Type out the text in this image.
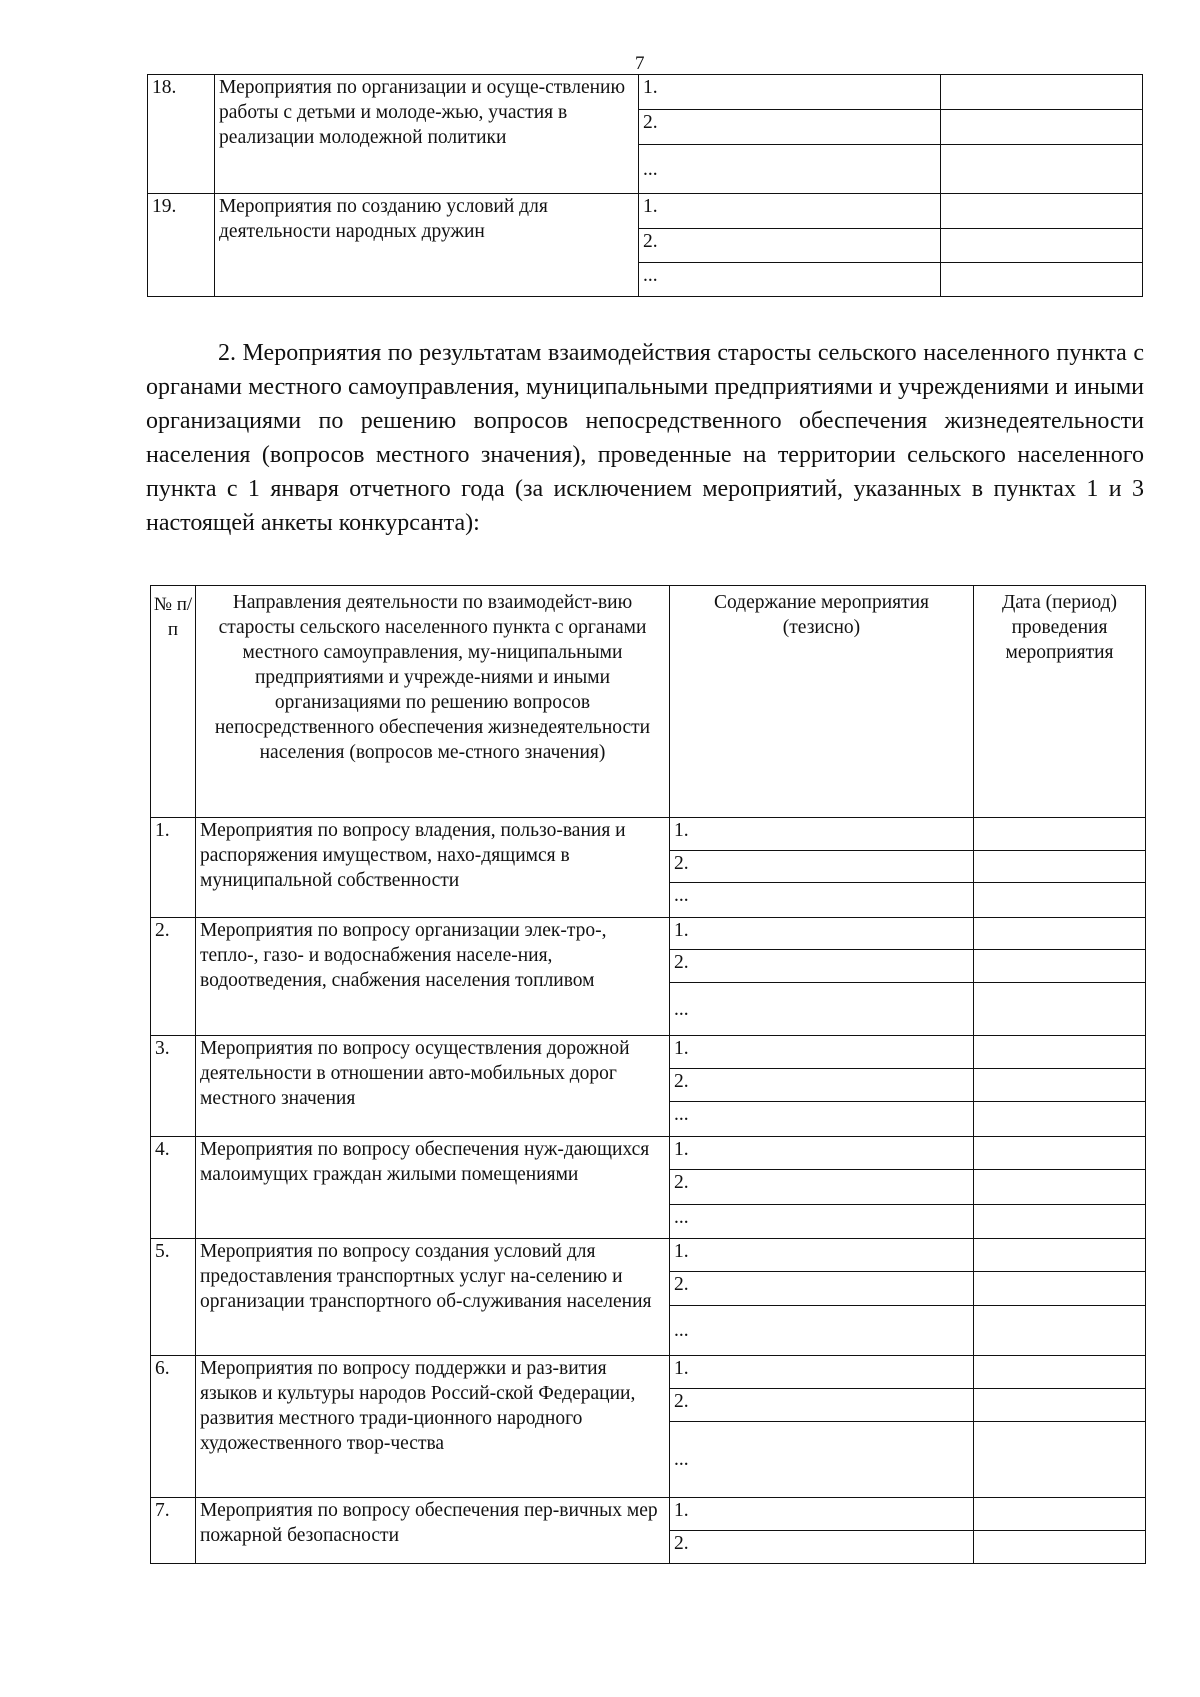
7
18.	Мероприятия по организации и осуще-ствлению работы с детьми и молоде-жью, участия в реализации молодежной политики	1.	
		2.	
		...	
19.	Мероприятия по созданию условий для деятельности народных дружин	1.	
		2.	
		...	

2. Мероприятия по результатам взаимодействия старосты сельского населенного пункта с органами местного самоуправления, муниципальными предприятиями и учреждениями и иными организациями по решению вопросов непосредственного обеспечения жизнедеятельности населения (вопросов местного значения), проведенные на территории сельского населенного пункта с 1 января отчетного года (за исключением мероприятий, указанных в пунктах 1 и 3 настоящей анкеты конкурсанта):

№ п/п	Направления деятельности по взаимодейст-вию старосты сельского населенного пункта с органами местного самоуправления, му-ниципальными предприятиями и учрежде-ниями и иными организациями по решению вопросов непосредственного обеспечения жизнедеятельности населения (вопросов ме-стного значения)	Содержание мероприятия (тезисно)	Дата (период) проведения мероприятия
1.	Мероприятия по вопросу владения, пользо-вания и распоряжения имуществом, нахо-дящимся в муниципальной собственности	1.	
		2.	
		...	
2.	Мероприятия по вопросу организации элек-тро-, тепло-, газо- и водоснабжения населе-ния, водоотведения, снабжения населения топливом	1.	
		2.	
		...	
3.	Мероприятия по вопросу осуществления дорожной деятельности в отношении авто-мобильных дорог местного значения	1.	
		2.	
		...	
4.	Мероприятия по вопросу обеспечения нуж-дающихся малоимущих граждан жилыми помещениями	1.	
		2.	
		...	
5.	Мероприятия по вопросу создания условий для предоставления транспортных услуг на-селению и организации транспортного об-служивания населения	1.	
		2.	
		...	
6.	Мероприятия по вопросу поддержки и раз-вития языков и культуры народов Россий-ской Федерации, развития местного тради-ционного народного художественного твор-чества	1.	
		2.	
		...	
7.	Мероприятия по вопросу обеспечения пер-вичных мер пожарной безопасности	1.	
		2.	
